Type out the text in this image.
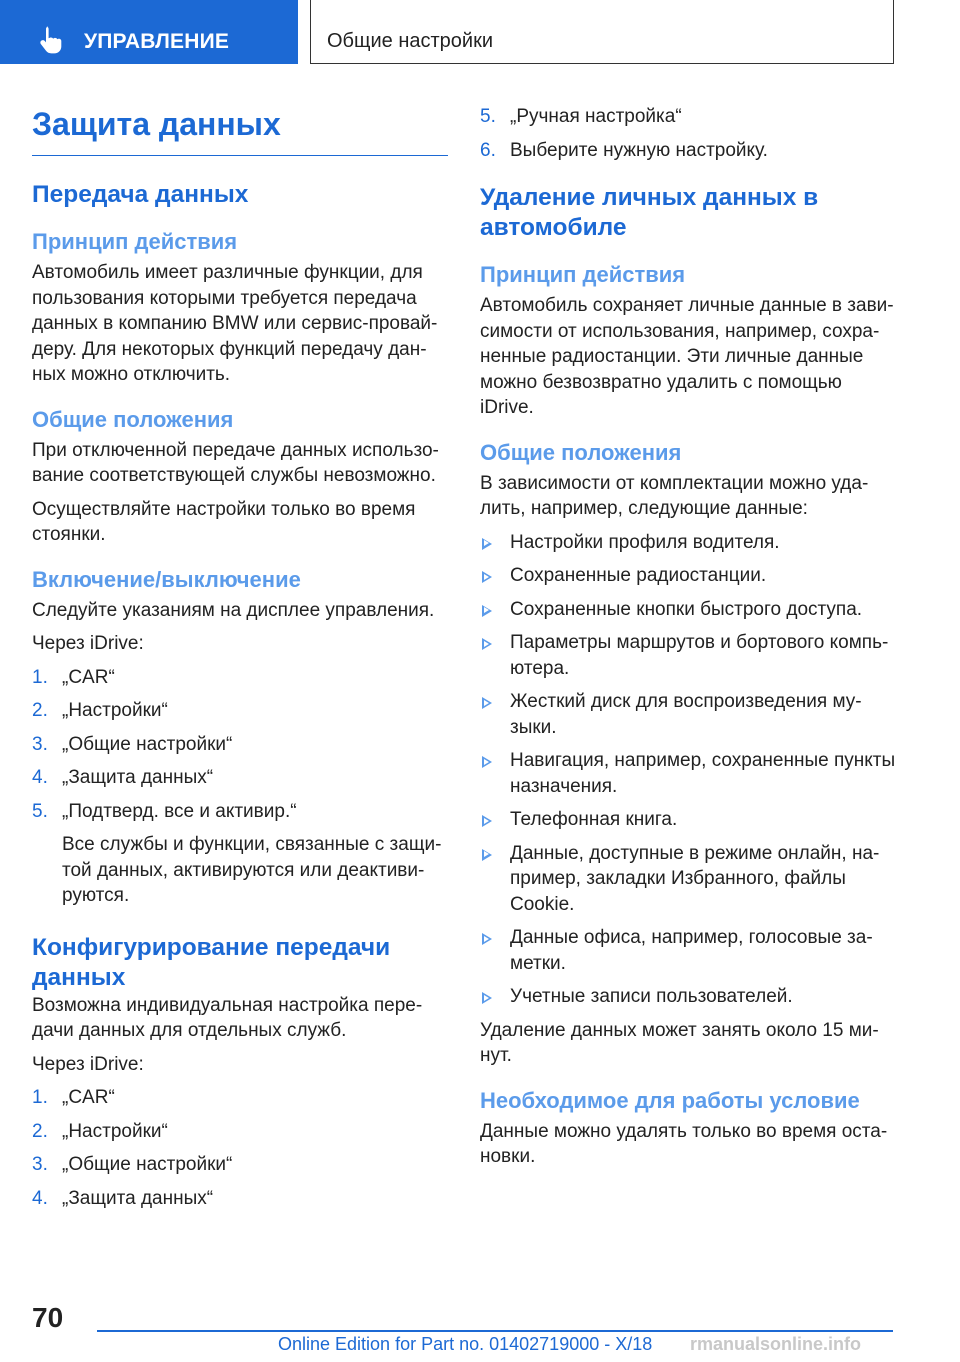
УПРАВЛЕНИЕ	Общие настройки
Защита данных
Передача данных
Принцип действия
Автомобиль имеет различные функции, для пользования которыми требуется передача данных в компанию BMW или сервис-провай-деру. Для некоторых функций передачу дан-ных можно отключить.
Общие положения
При отключенной передаче данных использо-вание соответствующей службы невозможно.
Осуществляйте настройки только во время стоянки.
Включение/выключение
Следуйте указаниям на дисплее управления.
Через iDrive:
1. „CAR“
2. „Настройки“
3. „Общие настройки“
4. „Защита данных“
5. „Подтверд. все и активир.“
Все службы и функции, связанные с защи-той данных, активируются или деактиви-руются.
Конфигурирование передачи данных
Возможна индивидуальная настройка пере-дачи данных для отдельных служб.
Через iDrive:
1. „CAR“
2. „Настройки“
3. „Общие настройки“
4. „Защита данных“
5. „Ручная настройка“
6. Выберите нужную настройку.
Удаление личных данных в автомобиле
Принцип действия
Автомобиль сохраняет личные данные в зави-симости от использования, например, сохра-ненные радиостанции. Эти личные данные можно безвозвратно удалить с помощью iDrive.
Общие положения
В зависимости от комплектации можно уда-лить, например, следующие данные:
Настройки профиля водителя.
Сохраненные радиостанции.
Сохраненные кнопки быстрого доступа.
Параметры маршрутов и бортового компь-ютера.
Жесткий диск для воспроизведения му-зыки.
Навигация, например, сохраненные пункты назначения.
Телефонная книга.
Данные, доступные в режиме онлайн, на-пример, закладки Избранного, файлы Cookie.
Данные офиса, например, голосовые за-метки.
Учетные записи пользователей.
Удаление данных может занять около 15 ми-нут.
Необходимое для работы условие
Данные можно удалять только во время оста-новки.
70
Online Edition for Part no. 01402719000 - X/18 rmanualsonline.info
